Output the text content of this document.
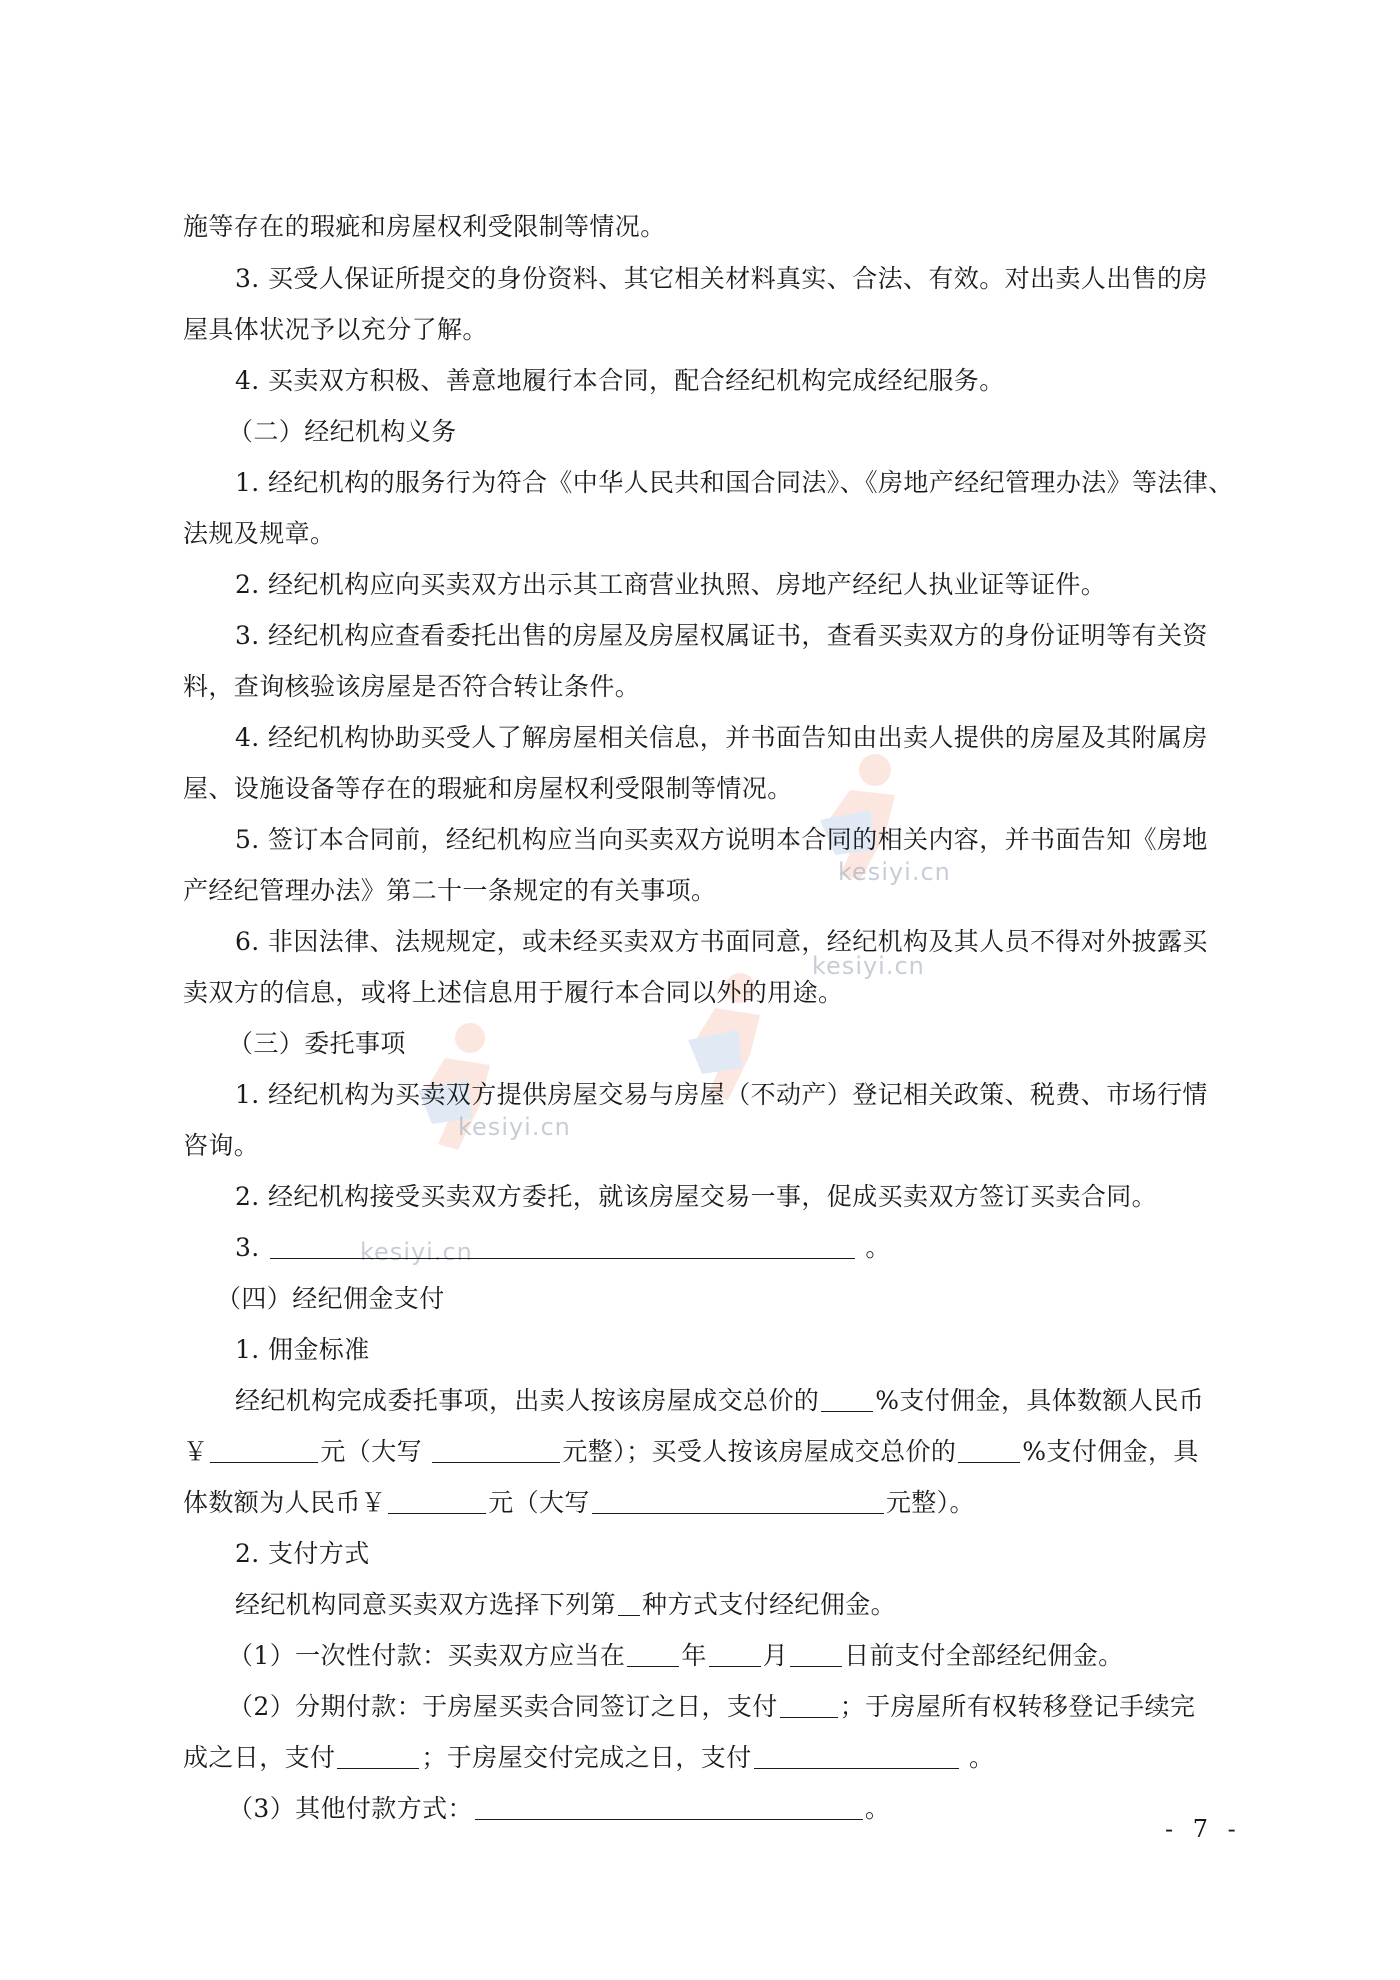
kesiyi.cn
kesiyi.cn
kesiyi.cn
kesiyi.cn
施等存在的瑕疵和房屋权利受限制等情况。
3. 买受人保证所提交的身份资料、其它相关材料真实、合法、有效。对出卖人出售的房
屋具体状况予以充分了解。
4. 买卖双方积极、善意地履行本合同，配合经纪机构完成经纪服务。
（二）经纪机构义务
1. 经纪机构的服务行为符合《中华人民共和国合同法》、《房地产经纪管理办法》等法律、
法规及规章。
2. 经纪机构应向买卖双方出示其工商营业执照、房地产经纪人执业证等证件。
3. 经纪机构应查看委托出售的房屋及房屋权属证书，查看买卖双方的身份证明等有关资
料，查询核验该房屋是否符合转让条件。
4. 经纪机构协助买受人了解房屋相关信息，并书面告知由出卖人提供的房屋及其附属房
屋、设施设备等存在的瑕疵和房屋权利受限制等情况。
5. 签订本合同前，经纪机构应当向买卖双方说明本合同的相关内容，并书面告知《房地
产经纪管理办法》第二十一条规定的有关事项。
6. 非因法律、法规规定，或未经买卖双方书面同意，经纪机构及其人员不得对外披露买
卖双方的信息，或将上述信息用于履行本合同以外的用途。
（三）委托事项
1. 经纪机构为买卖双方提供房屋交易与房屋（不动产）登记相关政策、税费、市场行情
咨询。
2. 经纪机构接受买卖双方委托，就该房屋交易一事，促成买卖双方签订买卖合同。
3.	。
（四）经纪佣金支付
1. 佣金标准
经纪机构完成委托事项，出卖人按该房屋成交总价的 %支付佣金，具体数额人民币
￥	元（大写	元整）；买受人按该房屋成交总价的	%支付佣金，具
体数额为人民币￥	元（大写	元整）。
2. 支付方式
经纪机构同意买卖双方选择下列第 种方式支付经纪佣金。
（1）一次性付款：买卖双方应当在 年 月 日前支付全部经纪佣金。
（2）分期付款：于房屋买卖合同签订之日，支付 ；于房屋所有权转移登记手续完
成之日，支付	；于房屋交付完成之日，支付	。
（3）其他付款方式：	。
- 7 -
